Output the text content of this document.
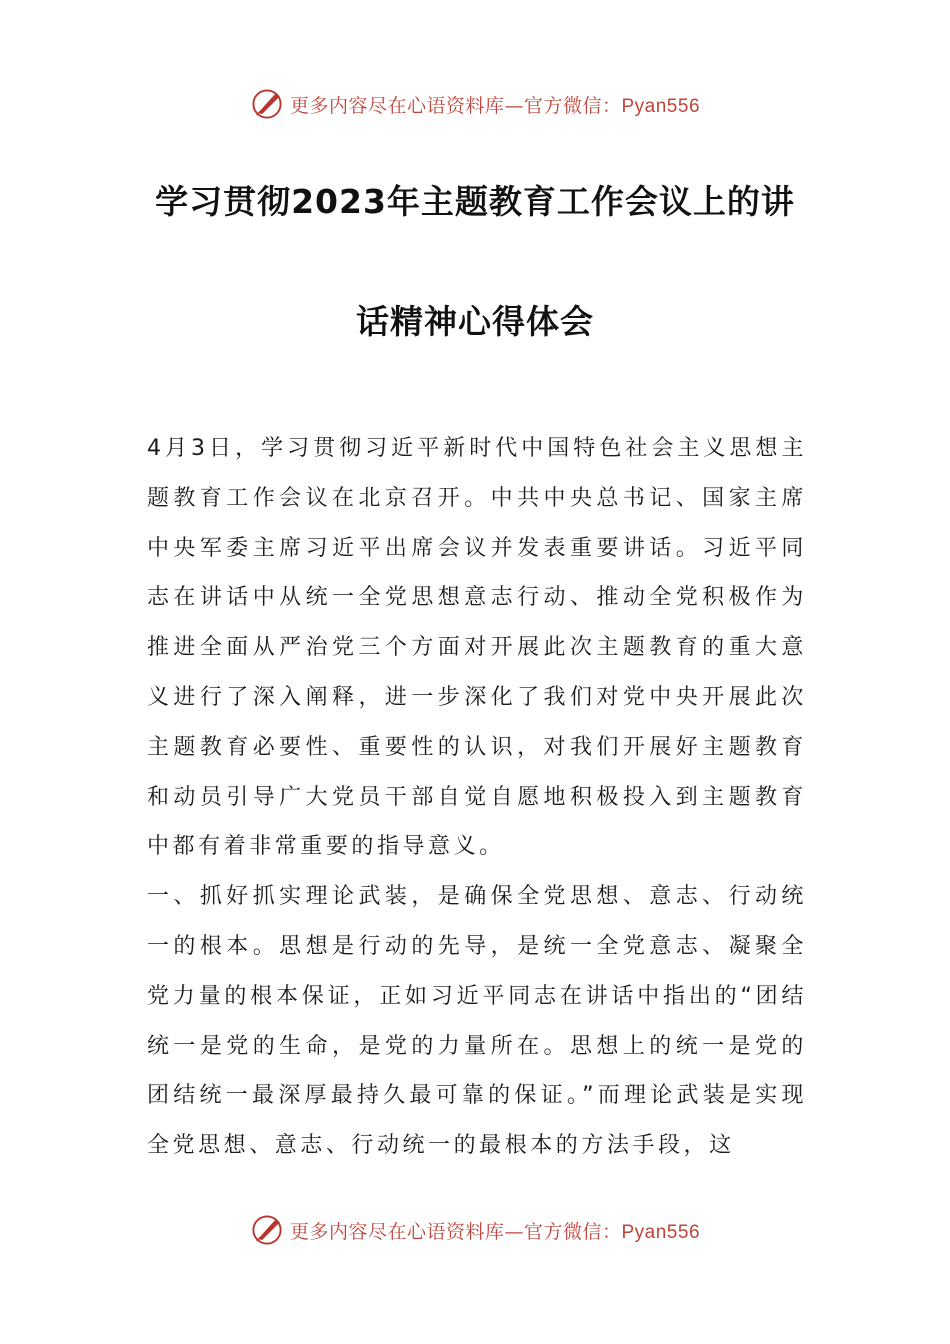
更多内容尽在心语资料库—官方微信：Pyan556
学习贯彻2023年主题教育工作会议上的讲
话精神心得体会

4月3日，学习贯彻习近平新时代中国特色社会主义思想主题教育工作会议在北京召开。中共中央总书记、国家主席中央军委主席习近平出席会议并发表重要讲话。习近平同志在讲话中从统一全党思想意志行动、推动全党积极作为推进全面从严治党三个方面对开展此次主题教育的重大意义进行了深入阐释，进一步深化了我们对党中央开展此次主题教育必要性、重要性的认识，对我们开展好主题教育和动员引导广大党员干部自觉自愿地积极投入到主题教育中都有着非常重要的指导意义。

一、抓好抓实理论武装，是确保全党思想、意志、行动统一的根本。思想是行动的先导，是统一全党意志、凝聚全党力量的根本保证，正如习近平同志在讲话中指出的“团结统一是党的生命，是党的力量所在。思想上的统一是党的团结统一最深厚最持久最可靠的保证。”而理论武装是实现全党思想、意志、行动统一的最根本的方法手段，这

更多内容尽在心语资料库—官方微信：Pyan556
